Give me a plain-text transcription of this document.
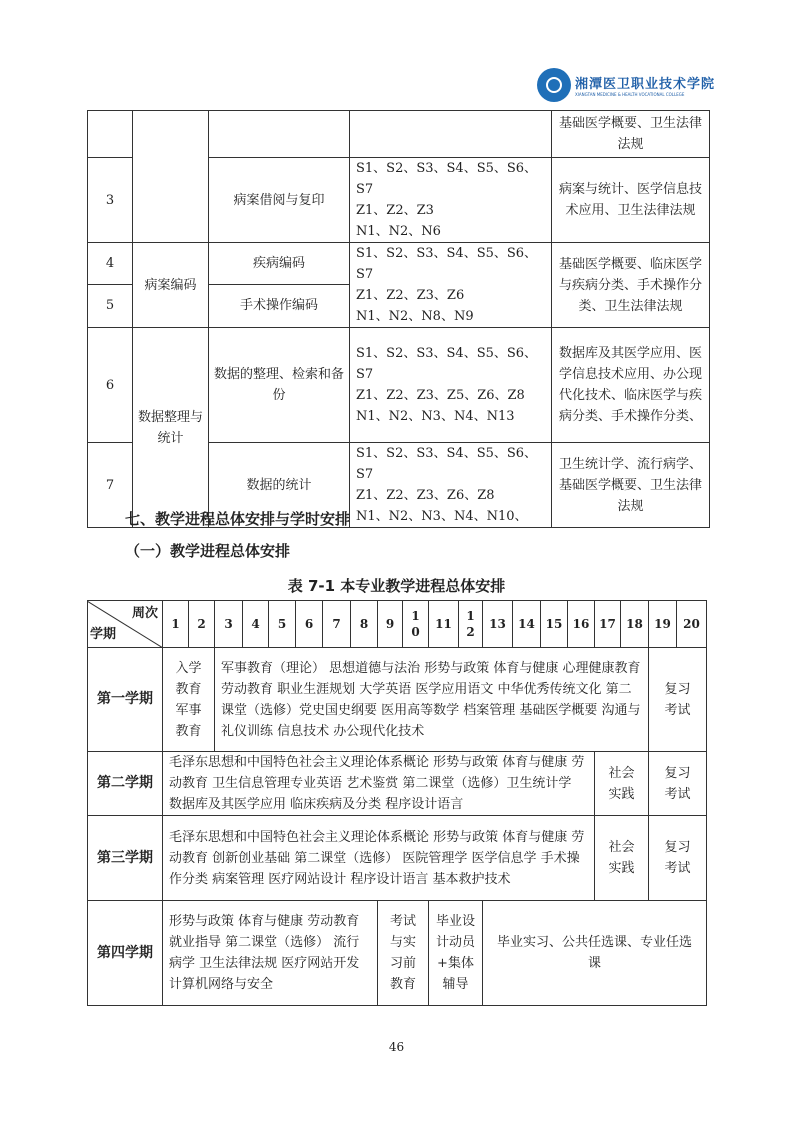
湘潭医卫职业技术学院
XIANGTAN MEDICINE & HEALTH VOCATIONAL COLLEGE
				基础医学概要、卫生法律法规
3		病案借阅与复印	S1、S2、S3、S4、S5、S6、S7
Z1、Z2、Z3
N1、N2、N6	病案与统计、医学信息技术应用、卫生法律法规
4	病案编码	疾病编码	S1、S2、S3、S4、S5、S6、S7
Z1、Z2、Z3、Z6
N1、N2、N8、N9	基础医学概要、临床医学与疾病分类、手术操作分类、卫生法律法规
5		手术操作编码		
6	数据整理与统计	数据的整理、检索和备份	S1、S2、S3、S4、S5、S6、S7
Z1、Z2、Z3、Z5、Z6、Z8
N1、N2、N3、N4、N13	数据库及其医学应用、医学信息技术应用、办公现代化技术、临床医学与疾病分类、手术操作分类、
7		数据的统计	S1、S2、S3、S4、S5、S6、S7
Z1、Z2、Z3、Z6、Z8
N1、N2、N3、N4、N10、	卫生统计学、流行病学、基础医学概要、卫生法律法规
七、教学进程总体安排与学时安排
（一）教学进程总体安排
表 7-1 本专业教学进程总体安排
周次
学期	1	2	3	4	5	6	7	8	9	10	11	12	13	14	15	16	17	18	19	20
第一学期	入学教育军事教育		军事教育（理论） 思想道德与法治 形势与政策 体育与健康 心理健康教育 劳动教育 职业生涯规划 大学英语 医学应用语文 中华优秀传统文化 第二课堂（选修）党史国史纲要 医用高等数学 档案管理 基础医学概要 沟通与礼仪训练 信息技术 办公现代化技术																复习考试	
第二学期	毛泽东思想和中国特色社会主义理论体系概论 形势与政策 体育与健康 劳动教育 卫生信息管理专业英语 艺术鉴赏 第二课堂（选修）卫生统计学 数据库及其医学应用 临床疾病及分类 程序设计语言																社会实践		复习考试	
第三学期	毛泽东思想和中国特色社会主义理论体系概论 形势与政策 体育与健康 劳动教育 创新创业基础 第二课堂（选修） 医院管理学 医学信息学 手术操作分类 病案管理 医疗网站设计 程序设计语言 基本救护技术																社会实践		复习考试	
第四学期	形势与政策 体育与健康 劳动教育 就业指导 第二课堂（选修） 流行病学 卫生法律法规 医疗网站开发 计算机网络与安全								考试与实习前教育		毕业设计动员+集体辅导		毕业实习、公共任选课、专业任选课							
46
